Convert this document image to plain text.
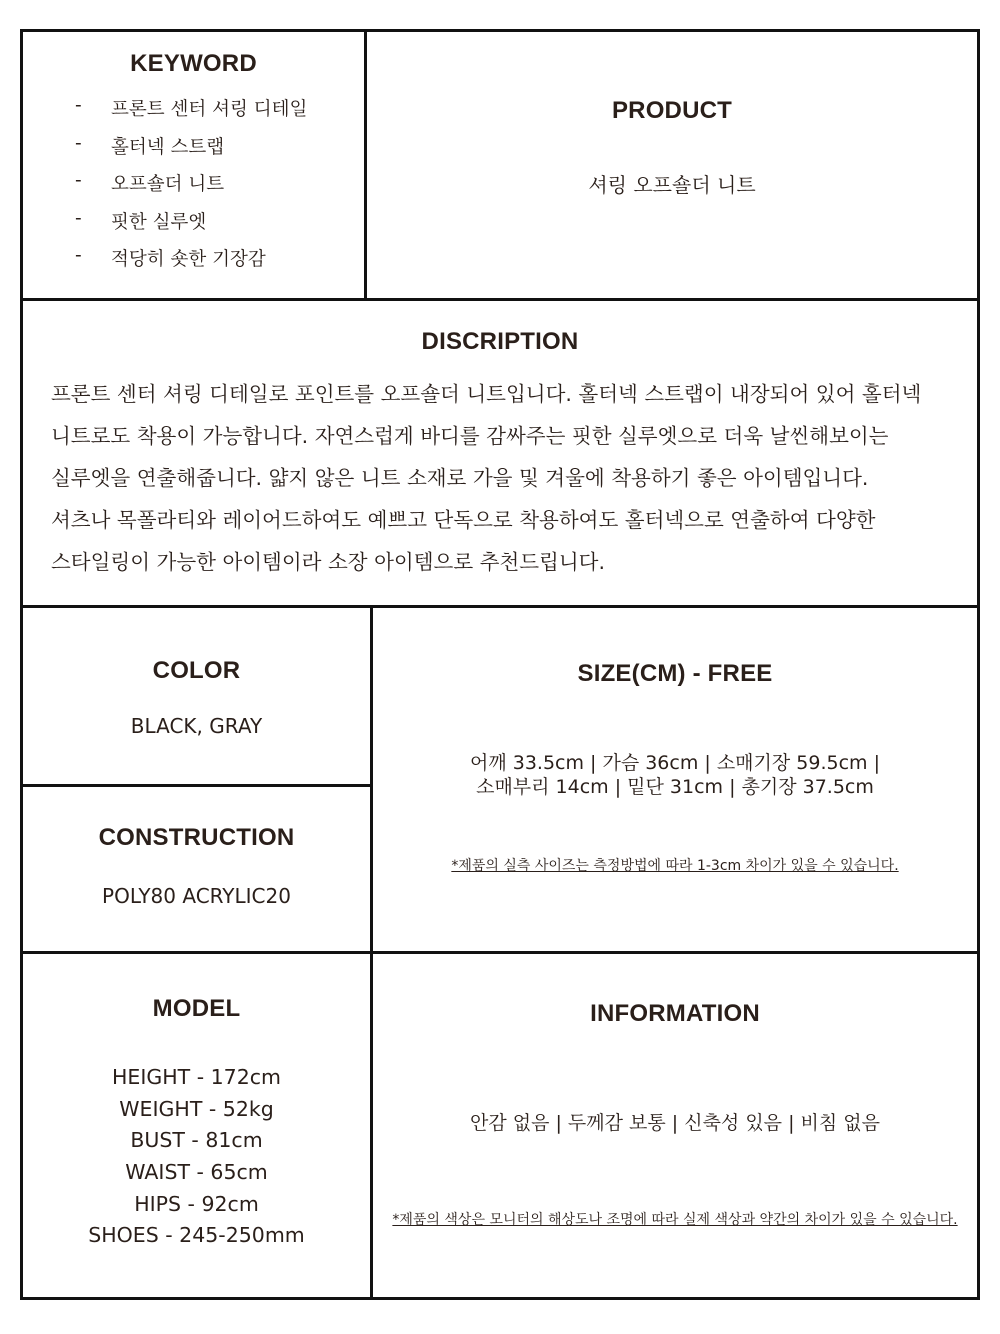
KEYWORD
- 프론트 센터 셔링 디테일
- 홀터넥 스트랩
- 오프숄더 니트
- 핏한 실루엣
- 적당히 숏한 기장감
PRODUCT
셔링 오프숄더 니트
DISCRIPTION

프론트 센터 셔링 디테일로 포인트를 오프숄더 니트입니다. 홀터넥 스트랩이 내장되어 있어 홀터넥

니트로도 착용이 가능합니다. 자연스럽게 바디를 감싸주는 핏한 실루엣으로 더욱 날씬해보이는

실루엣을 연출해줍니다. 얇지 않은 니트 소재로 가을 및 겨울에 착용하기 좋은 아이템입니다.

셔츠나 목폴라티와 레이어드하여도 예쁘고 단독으로 착용하여도 홀터넥으로 연출하여 다양한

스타일링이 가능한 아이템이라 소장 아이템으로 추천드립니다.

COLOR
BLACK, GRAY
CONSTRUCTION
POLY80 ACRYLIC20
SIZE(CM) - FREE
어깨 33.5cm | 가슴 36cm | 소매기장 59.5cm |
소매부리 14cm | 밑단 31cm | 총기장 37.5cm
*제품의 실측 사이즈는 측정방법에 따라 1-3cm 차이가 있을 수 있습니다.
MODEL
HEIGHT - 172cm
WEIGHT - 52kg
BUST - 81cm
WAIST - 65cm
HIPS - 92cm
SHOES - 245-250mm
INFORMATION
안감 없음 | 두께감 보통 | 신축성 있음 | 비침 없음
*제품의 색상은 모니터의 해상도나 조명에 따라 실제 색상과 약간의 차이가 있을 수 있습니다.
